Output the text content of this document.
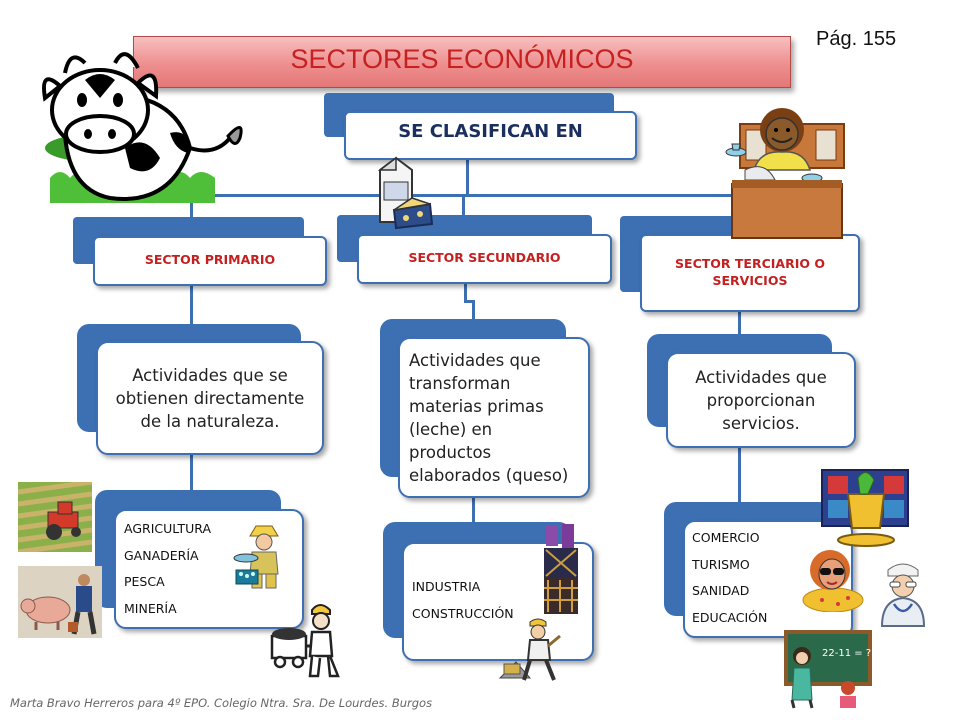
SECTORES ECONÓMICOS
Pág. 155
SE CLASIFICAN EN
SECTOR PRIMARIO	SECTOR SECUNDARIO	SECTOR TERCIARIO O SERVICIOS
Actividades que se
obtienen directamente
de la naturaleza.
Actividades que
transforman
materias primas
(leche) en
productos
elaborados (queso)
Actividades que
proporcionan
servicios.
AGRICULTURA
GANADERÍA
PESCA
MINERÍA
INDUSTRIA
CONSTRUCCIÓN
COMERCIO
TURISMO
SANIDAD
EDUCACIÓN
22-11 = ?
Marta Bravo Herreros para 4º EPO. Colegio Ntra. Sra. De Lourdes. Burgos
